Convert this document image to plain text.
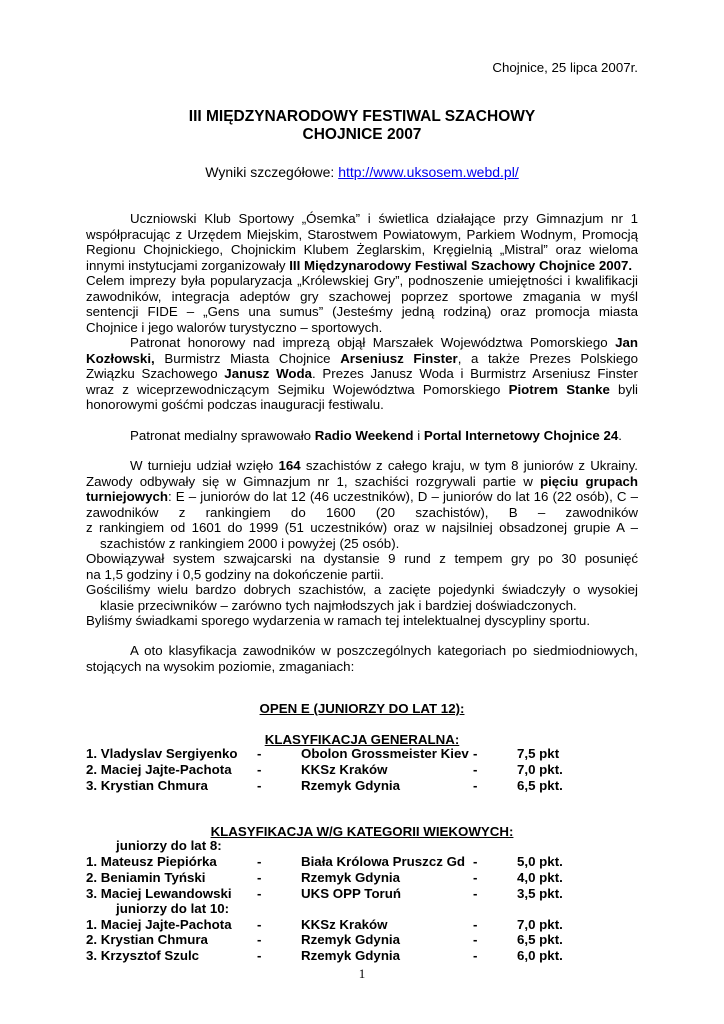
Chojnice, 25 lipca 2007r.
III MIĘDZYNARODOWY FESTIWAL SZACHOWY
CHOJNICE 2007
Wyniki szczegółowe: http://www.uksosem.webd.pl/
Uczniowski Klub Sportowy „Ósemka” i świetlica działające przy Gimnazjum nr 1
współpracując z Urzędem Miejskim, Starostwem Powiatowym, Parkiem Wodnym, Promocją
Regionu Chojnickiego, Chojnickim Klubem Żeglarskim, Kręgielnią „Mistral” oraz wieloma
innymi instytucjami zorganizowały III Międzynarodowy Festiwal Szachowy Chojnice 2007.
Celem imprezy była popularyzacja „Królewskiej Gry”, podnoszenie umiejętności i kwalifikacji
zawodników, integracja adeptów gry szachowej poprzez sportowe zmagania w myśl
sentencji FIDE – „Gens una sumus” (Jesteśmy jedną rodziną) oraz promocja miasta
Chojnice i jego walorów turystyczno – sportowych.
Patronat honorowy nad imprezą objął Marszałek Województwa Pomorskiego Jan
Kozłowski, Burmistrz Miasta Chojnice Arseniusz Finster, a także Prezes Polskiego
Związku Szachowego Janusz Woda. Prezes Janusz Woda i Burmistrz Arseniusz Finster
wraz z wiceprzewodniczącym Sejmiku Województwa Pomorskiego Piotrem Stanke byli
honorowymi gośćmi podczas inauguracji festiwalu.
Patronat medialny sprawowało Radio Weekend i Portal Internetowy Chojnice 24.
W turnieju udział wzięło 164 szachistów z całego kraju, w tym 8 juniorów z Ukrainy.
Zawody odbywały się w Gimnazjum nr 1, szachiści rozgrywali partie w pięciu grupach
turniejowych: E – juniorów do lat 12 (46 uczestników), D – juniorów do lat 16 (22 osób), C –
zawodników z rankingiem do 1600 (20 szachistów), B – zawodników
z rankingiem od 1601 do 1999 (51 uczestników) oraz w najsilniej obsadzonej grupie A –
szachistów z rankingiem 2000 i powyżej (25 osób).
Obowiązywał system szwajcarski na dystansie 9 rund z tempem gry po 30 posunięć
na 1,5 godziny i 0,5 godziny na dokończenie partii.
Gościliśmy wielu bardzo dobrych szachistów, a zacięte pojedynki świadczyły o wysokiej
klasie przeciwników – zarówno tych najmłodszych jak i bardziej doświadczonych.
Byliśmy świadkami sporego wydarzenia w ramach tej intelektualnej dyscypliny sportu.
A oto klasyfikacja zawodników w poszczególnych kategoriach po siedmiodniowych,
stojących na wysokim poziomie, zmaganiach:
OPEN E (JUNIORZY DO LAT 12):
KLASYFIKACJA GENERALNA:
1. Vladyslav Sergiyenko -	Obolon Grossmeister Kiev -	7,5 pkt
2. Maciej Jajte-Pachota -	KKSz Kraków	-	7,0 pkt.
3. Krystian Chmura	-	Rzemyk Gdynia	-	6,5 pkt.
KLASYFIKACJA W/G KATEGORII WIEKOWYCH:
juniorzy do lat 8:
1. Mateusz Piepiórka	-	Biała Królowa Pruszcz Gd -	5,0 pkt.
2. Beniamin Tyński	-	Rzemyk Gdynia	-	4,0 pkt.
3. Maciej Lewandowski -	UKS OPP Toruń	-	3,5 pkt.
juniorzy do lat 10:
1. Maciej Jajte-Pachota -	KKSz Kraków	-	7,0 pkt.
2. Krystian Chmura	-	Rzemyk Gdynia	-	6,5 pkt.
3. Krzysztof Szulc	-	Rzemyk Gdynia	-	6,0 pkt.
1
